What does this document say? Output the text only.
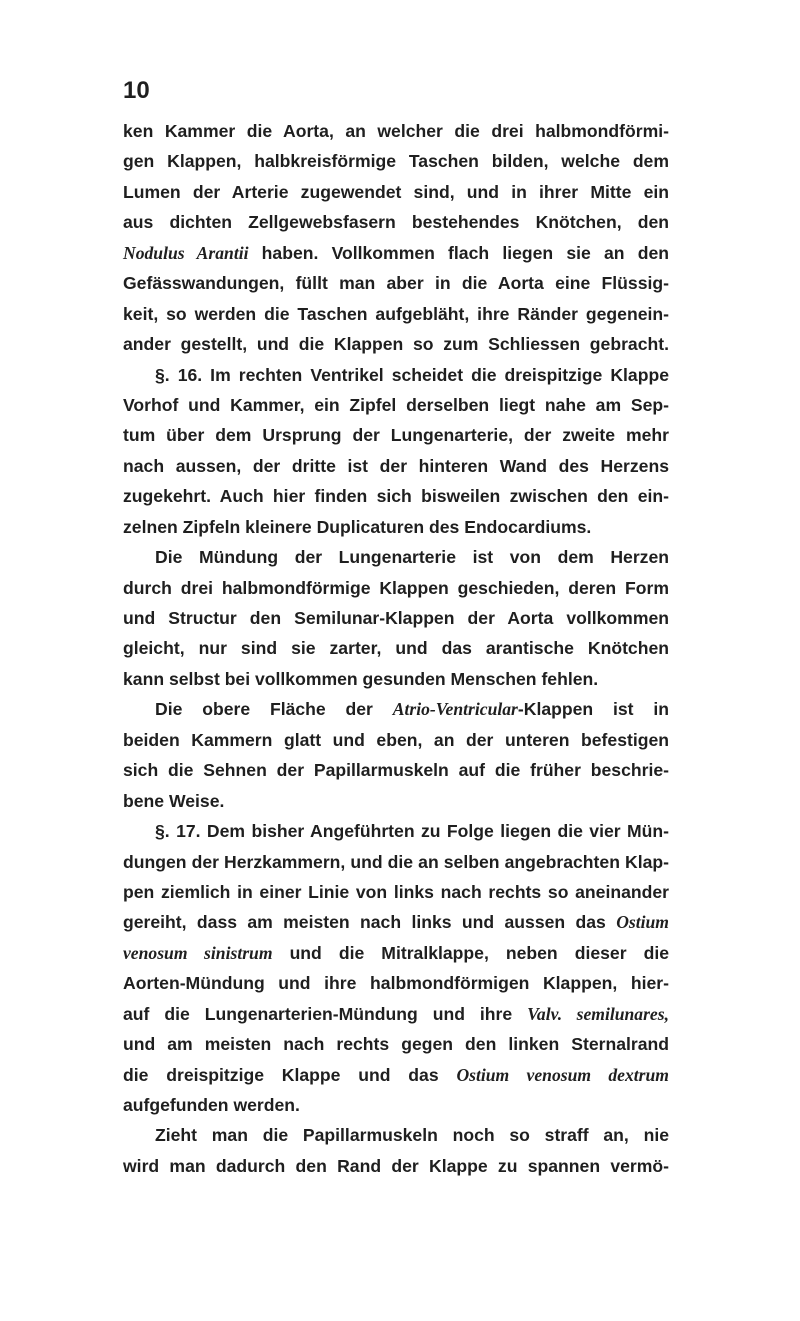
10
ken Kammer die Aorta, an welcher die drei halbmondförmi-
gen Klappen, halbkreisförmige Taschen bilden, welche dem
Lumen der Arterie zugewendet sind, und in ihrer Mitte ein
aus dichten Zellgewebsfasern bestehendes Knötchen, den
Nodulus Arantii haben. Vollkommen flach liegen sie an den
Gefässwandungen, füllt man aber in die Aorta eine Flüssig-
keit, so werden die Taschen aufgebläht, ihre Ränder gegenein-
ander gestellt, und die Klappen so zum Schliessen gebracht.
§. 16. Im rechten Ventrikel scheidet die dreispitzige Klappe
Vorhof und Kammer, ein Zipfel derselben liegt nahe am Sep-
tum über dem Ursprung der Lungenarterie, der zweite mehr
nach aussen, der dritte ist der hinteren Wand des Herzens
zugekehrt. Auch hier finden sich bisweilen zwischen den ein-
zelnen Zipfeln kleinere Duplicaturen des Endocardiums.
Die Mündung der Lungenarterie ist von dem Herzen
durch drei halbmondförmige Klappen geschieden, deren Form
und Structur den Semilunar-Klappen der Aorta vollkommen
gleicht, nur sind sie zarter, und das arantische Knötchen
kann selbst bei vollkommen gesunden Menschen fehlen.
Die obere Fläche der Atrio-Ventricular-Klappen ist in
beiden Kammern glatt und eben, an der unteren befestigen
sich die Sehnen der Papillarmuskeln auf die früher beschrie-
bene Weise.
§. 17. Dem bisher Angeführten zu Folge liegen die vier Mün-
dungen der Herzkammern, und die an selben angebrachten Klap-
pen ziemlich in einer Linie von links nach rechts so aneinander
gereiht, dass am meisten nach links und aussen das Ostium
venosum sinistrum und die Mitralklappe, neben dieser die
Aorten-Mündung und ihre halbmondförmigen Klappen, hier-
auf die Lungenarterien-Mündung und ihre Valv. semilunares,
und am meisten nach rechts gegen den linken Sternalrand
die dreispitzige Klappe und das Ostium venosum dextrum
aufgefunden werden.
Zieht man die Papillarmuskeln noch so straff an, nie
wird man dadurch den Rand der Klappe zu spannen vermö-
